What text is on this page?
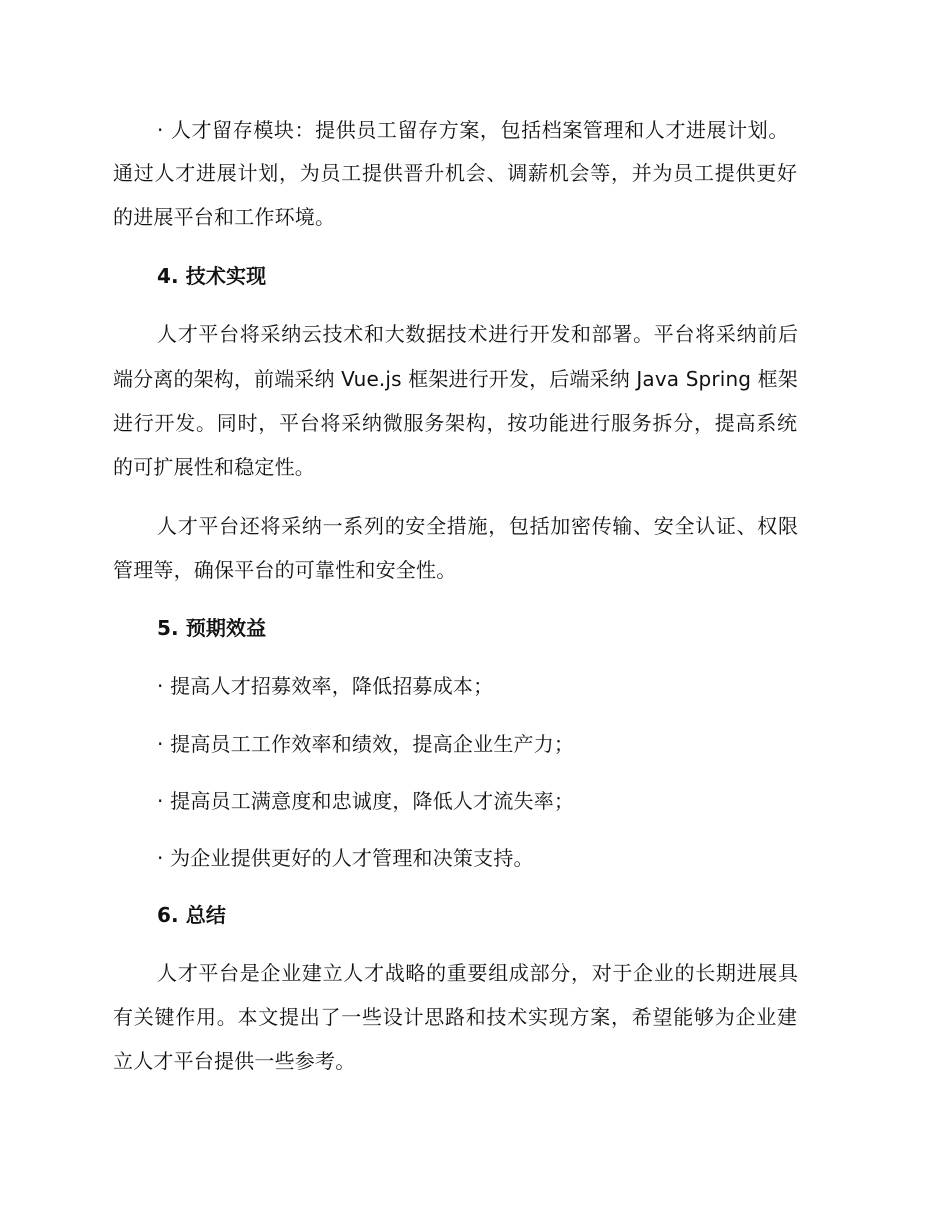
· 人才留存模块：提供员工留存方案，包括档案管理和人才进展计划。
通过人才进展计划，为员工提供晋升机会、调薪机会等，并为员工提供更好
的进展平台和工作环境。
4. 技术实现
人才平台将采纳云技术和大数据技术进行开发和部署。平台将采纳前后
端分离的架构，前端采纳 Vue.js 框架进行开发，后端采纳 Java Spring 框架
进行开发。同时，平台将采纳微服务架构，按功能进行服务拆分，提高系统
的可扩展性和稳定性。
人才平台还将采纳一系列的安全措施，包括加密传输、安全认证、权限
管理等，确保平台的可靠性和安全性。
5. 预期效益
· 提高人才招募效率，降低招募成本；
· 提高员工工作效率和绩效，提高企业生产力；
· 提高员工满意度和忠诚度，降低人才流失率；
· 为企业提供更好的人才管理和决策支持。
6. 总结
人才平台是企业建立人才战略的重要组成部分，对于企业的长期进展具
有关键作用。本文提出了一些设计思路和技术实现方案，希望能够为企业建
立人才平台提供一些参考。
